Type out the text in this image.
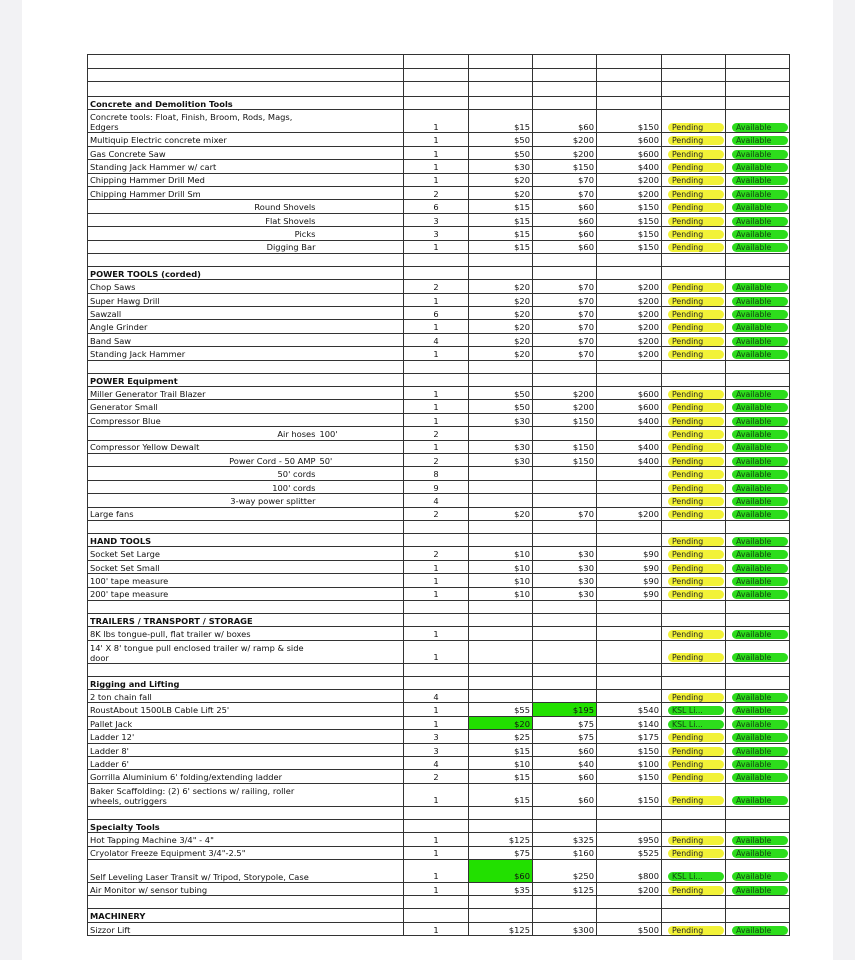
Concrete and Demolition Tools							
Concrete tools: Float, Finish, Broom, Rods, Mags, Edgers		1	$15	$60	$150	Pending	Available
Multiquip Electric concrete mixer		1	$50	$200	$600	Pending	Available
Gas Concrete Saw		1	$50	$200	$600	Pending	Available
Standing Jack Hammer w/ cart		1	$30	$150	$400	Pending	Available
Chipping Hammer Drill Med		1	$20	$70	$200	Pending	Available
Chipping Hammer Drill Sm		2	$20	$70	$200	Pending	Available
Round Shovels		6	$15	$60	$150	Pending	Available
Flat Shovels		3	$15	$60	$150	Pending	Available
Picks		3	$15	$60	$150	Pending	Available
Digging Bar		1	$15	$60	$150	Pending	Available

POWER TOOLS (corded)							
Chop Saws		2	$20	$70	$200	Pending	Available
Super Hawg Drill		1	$20	$70	$200	Pending	Available
Sawzall		6	$20	$70	$200	Pending	Available
Angle Grinder		1	$20	$70	$200	Pending	Available
Band Saw		4	$20	$70	$200	Pending	Available
Standing Jack Hammer		1	$20	$70	$200	Pending	Available

POWER Equipment							
Miller Generator Trail Blazer		1	$50	$200	$600	Pending	Available
Generator Small		1	$50	$200	$600	Pending	Available
Compressor Blue		1	$30	$150	$400	Pending	Available
Air hoses	100'	2				Pending	Available
Compressor Yellow Dewalt		1	$30	$150	$400	Pending	Available
Power Cord - 50 AMP	50'	2	$30	$150	$400	Pending	Available
50' cords		8				Pending	Available
100' cords		9				Pending	Available
3-way power splitter		4				Pending	Available
Large fans		2	$20	$70	$200	Pending	Available

HAND TOOLS						Pending	Available
Socket Set Large		2	$10	$30	$90	Pending	Available
Socket Set Small		1	$10	$30	$90	Pending	Available
100' tape measure		1	$10	$30	$90	Pending	Available
200' tape measure		1	$10	$30	$90	Pending	Available

TRAILERS / TRANSPORT / STORAGE							
8K lbs tongue-pull, flat trailer w/ boxes		1				Pending	Available
14' X 8' tongue pull enclosed trailer w/ ramp & side door		1				Pending	Available

Rigging and Lifting							
2 ton chain fall		4				Pending	Available
RoustAbout 1500LB Cable Lift 25'		1	$55	$195	$540	KSL Li...	Available
Pallet Jack		1	$20	$75	$140	KSL Li...	Available
Ladder 12'		3	$25	$75	$175	Pending	Available
Ladder 8'		3	$15	$60	$150	Pending	Available
Ladder 6'		4	$10	$40	$100	Pending	Available
Gorrilla Aluminium 6' folding/extending ladder		2	$15	$60	$150	Pending	Available
Baker Scaffolding: (2) 6' sections w/ railing, roller wheels, outriggers		1	$15	$60	$150	Pending	Available

Specialty Tools							
Hot Tapping Machine 3/4" - 4"		1	$125	$325	$950	Pending	Available
Cryolator Freeze Equipment 3/4"-2.5"		1	$75	$160	$525	Pending	Available
Self Leveling Laser Transit w/ Tripod, Storypole, Case		1	$60	$250	$800	KSL Li...	Available
Air Monitor w/ sensor tubing		1	$35	$125	$200	Pending	Available

MACHINERY							
Sizzor Lift		1	$125	$300	$500	Pending	Available
